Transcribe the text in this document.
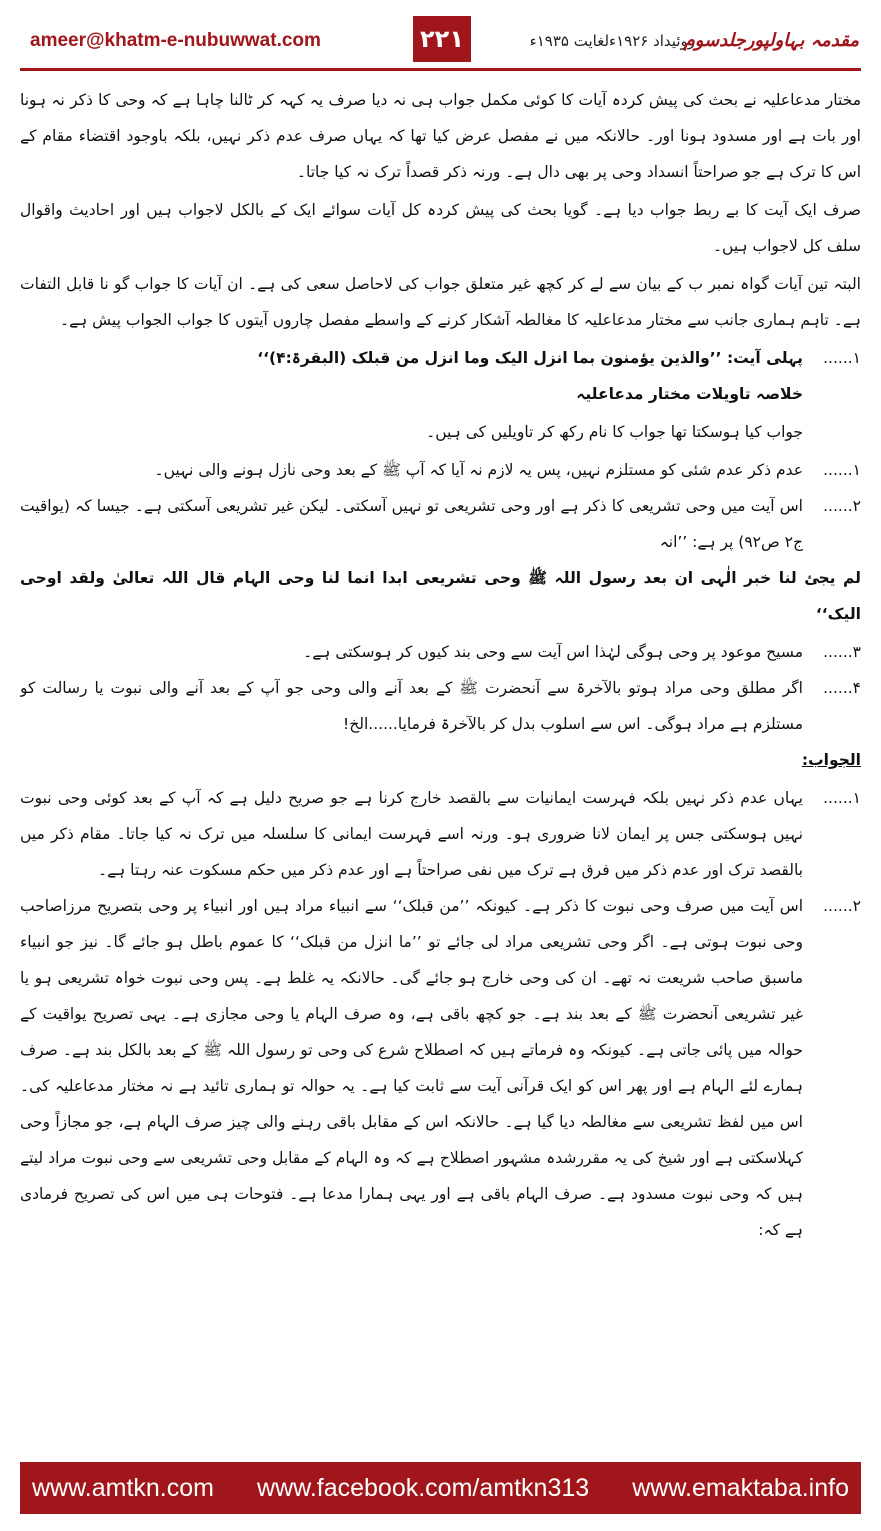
ameer@khatm-e-nubuwwat.com	۲۲۱	روئیداد ۱۹۲۶ءلغایت ۱۹۳۵ء
مقدمہ بہاولپورجلدسوم

مختار مدعاعلیہ نے بحث کی پیش کردہ آیات کا کوئی مکمل جواب ہی نہ دیا صرف یہ کہہ کر ٹالنا چاہا ہے کہ وحی کا ذکر نہ ہونا اور بات ہے اور مسدود ہونا اور۔ حالانکہ میں نے مفصل عرض کیا تھا کہ یہاں صرف عدم ذکر نہیں، بلکہ باوجود اقتضاء مقام کے اس کا ترک ہے جو صراحتاً انسداد وحی پر بھی دال ہے۔ ورنہ ذکر قصداً ترک نہ کیا جاتا۔

صرف ایک آیت کا بے ربط جواب دیا ہے۔ گویا بحث کی پیش کردہ کل آیات سوائے ایک کے بالکل لاجواب ہیں اور احادیث واقوال سلف کل لاجواب ہیں۔

البتہ تین آیات گواہ نمبر ب کے بیان سے لے کر کچھ غیر متعلق جواب کی لاحاصل سعی کی ہے۔ ان آیات کا جواب گو نا قابل التفات ہے۔ تاہم ہماری جانب سے مختار مدعاعلیہ کا مغالطہ آشکار کرنے کے واسطے مفصل چاروں آیتوں کا جواب الجواب پیش ہے۔

۱......
پہلی آیت: ’’والذین یؤمنون بما انزل الیک وما انزل من قبلک (البقرۃ:۴)‘‘

خلاصہ تاویلات مختار مدعاعلیہ

جواب کیا ہوسکتا تھا جواب کا نام رکھ کر تاویلیں کی ہیں۔

۱......
عدم ذکر عدم شئی کو مستلزم نہیں، پس یہ لازم نہ آیا کہ آپ ﷺ کے بعد وحی نازل ہونے والی نہیں۔
۲......
اس آیت میں وحی تشریعی کا ذکر ہے اور وحی تشریعی تو نہیں آسکتی۔ لیکن غیر تشریعی آسکتی ہے۔ جیسا کہ (یواقیت ج۲ ص۹۲) پر ہے: ’’انہ

لم یجئ لنا خبر الٰہی ان بعد رسول اللہ ﷺ وحی تشریعی ابدا انما لنا وحی الہام قال اللہ تعالیٰ ولقد اوحی الیک‘‘

۳......
مسیح موعود پر وحی ہوگی لہٰذا اس آیت سے وحی بند کیوں کر ہوسکتی ہے۔
۴......
اگر مطلق وحی مراد ہوتو بالآخرۃ سے آنحضرت ﷺ کے بعد آنے والی وحی جو آپ کے بعد آنے والی نبوت یا رسالت کو مستلزم ہے مراد ہوگی۔ اس سے اسلوب بدل کر بالآخرۃ فرمایا......الخ!

الجواب:

۱......
یہاں عدم ذکر نہیں بلکہ فہرست ایمانیات سے بالقصد خارج کرنا ہے جو صریح دلیل ہے کہ آپ کے بعد کوئی وحی نبوت نہیں ہوسکتی جس پر ایمان لانا ضروری ہو۔ ورنہ اسے فہرست ایمانی کا سلسلہ میں ترک نہ کیا جاتا۔ مقام ذکر میں بالقصد ترک اور عدم ذکر میں فرق ہے ترک میں نفی صراحتاً ہے اور عدم ذکر میں حکم مسکوت عنہ رہتا ہے۔
۲......
اس آیت میں صرف وحی نبوت کا ذکر ہے۔ کیونکہ ’’من قبلک‘‘ سے انبیاء مراد ہیں اور انبیاء پر وحی بتصریح مرزاصاحب وحی نبوت ہوتی ہے۔ اگر وحی تشریعی مراد لی جائے تو ’’ما انزل من قبلک‘‘ کا عموم باطل ہو جائے گا۔ نیز جو انبیاء ماسبق صاحب شریعت نہ تھے۔ ان کی وحی خارج ہو جائے گی۔ حالانکہ یہ غلط ہے۔ پس وحی نبوت خواہ تشریعی ہو یا غیر تشریعی آنحضرت ﷺ کے بعد بند ہے۔ جو کچھ باقی ہے، وہ صرف الہام یا وحی مجازی ہے۔ یہی تصریح یواقیت کے حوالہ میں پائی جاتی ہے۔ کیونکہ وہ فرماتے ہیں کہ اصطلاح شرع کی وحی تو رسول اللہ ﷺ کے بعد بالکل بند ہے۔ صرف ہمارے لئے الہام ہے اور پھر اس کو ایک قرآنی آیت سے ثابت کیا ہے۔ یہ حوالہ تو ہماری تائید ہے نہ مختار مدعاعلیہ کی۔ اس میں لفظ تشریعی سے مغالطہ دیا گیا ہے۔ حالانکہ اس کے مقابل باقی رہنے والی چیز صرف الہام ہے، جو مجازاً وحی کہلاسکتی ہے اور شیخ کی یہ مقررشدہ مشہور اصطلاح ہے کہ وہ الہام کے مقابل وحی تشریعی سے وحی نبوت مراد لیتے ہیں کہ وحی نبوت مسدود ہے۔ صرف الہام باقی ہے اور یہی ہمارا مدعا ہے۔ فتوحات ہی میں اس کی تصریح فرمادی ہے کہ:
www.amtkn.com www.facebook.com/amtkn313 www.emaktaba.info
